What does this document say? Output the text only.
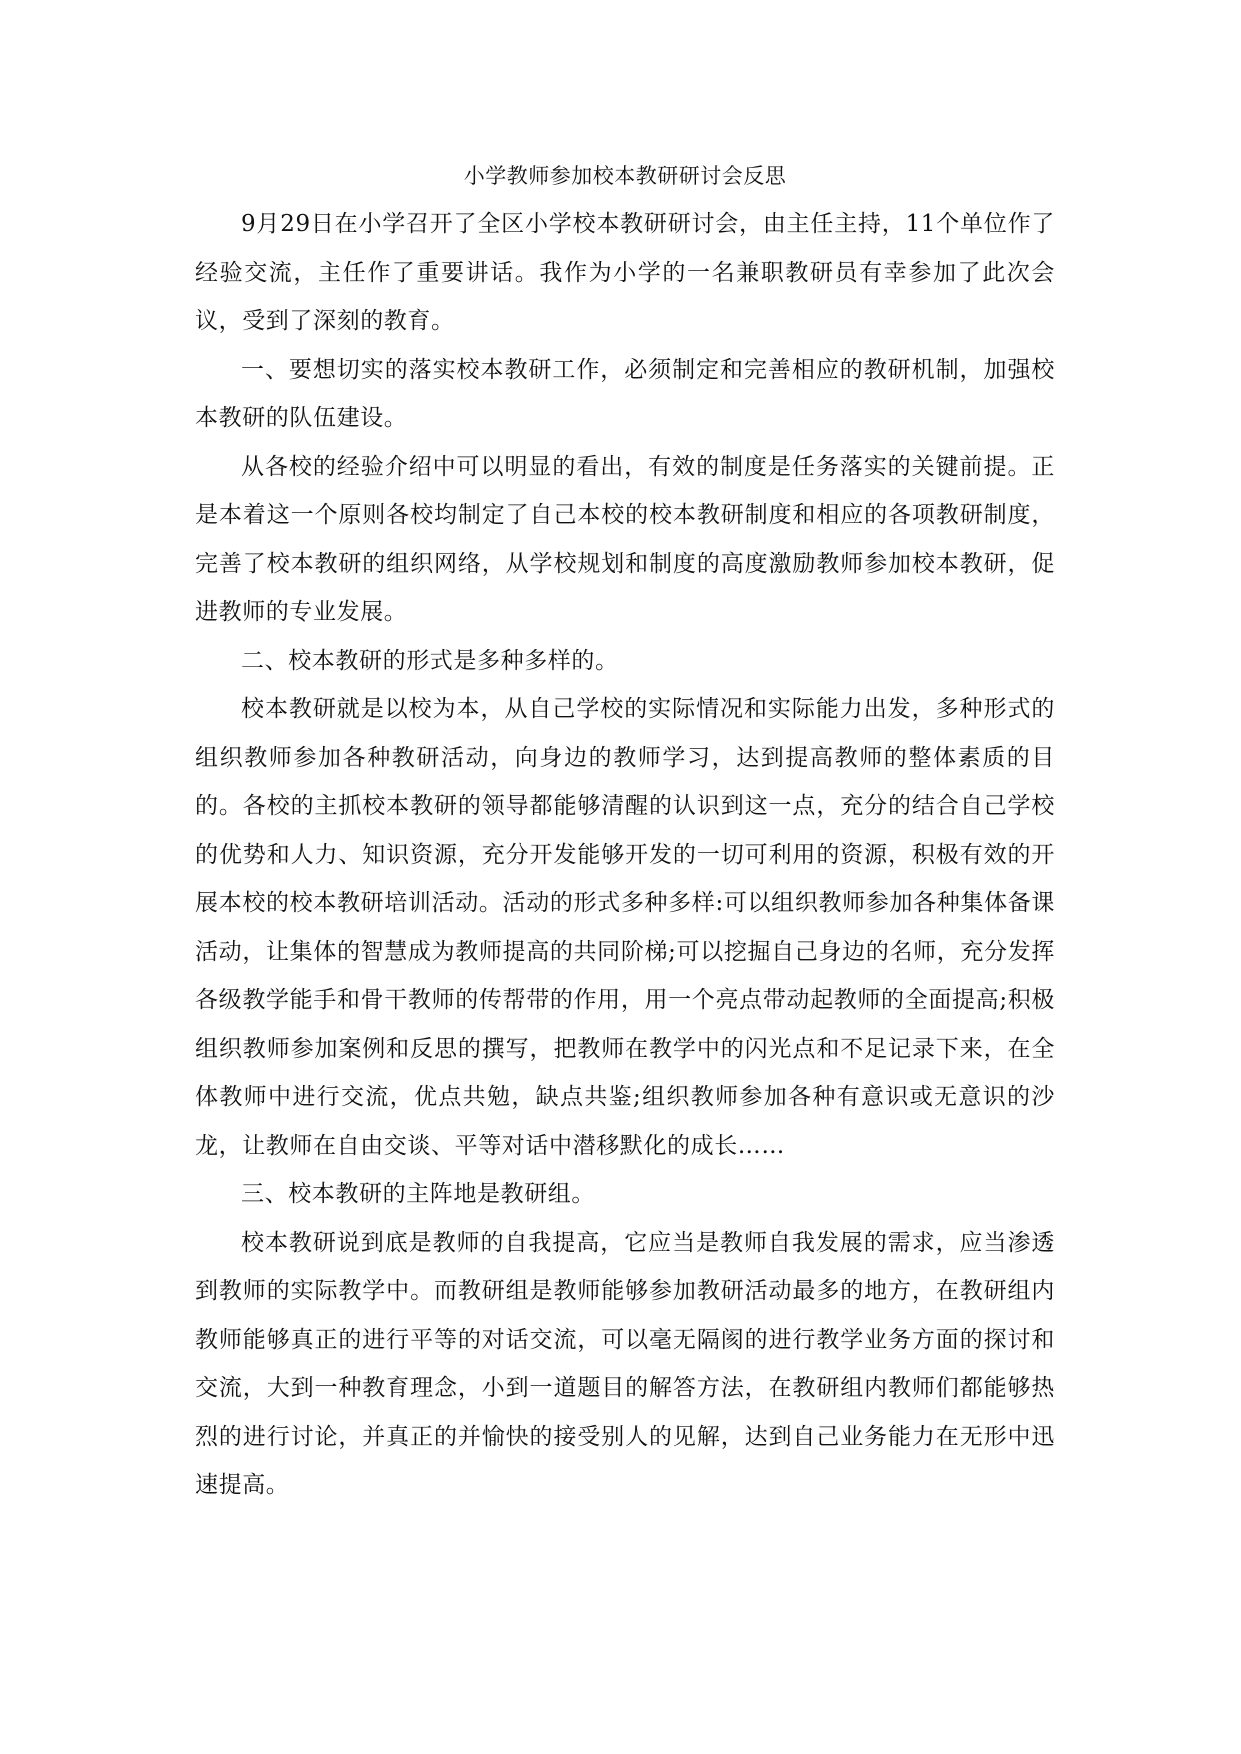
小学教师参加校本教研研讨会反思

9月29日在小学召开了全区小学校本教研研讨会，由主任主持，11个单位作了经验交流，主任作了重要讲话。我作为小学的一名兼职教研员有幸参加了此次会议，受到了深刻的教育。

一、要想切实的落实校本教研工作，必须制定和完善相应的教研机制，加强校本教研的队伍建设。

从各校的经验介绍中可以明显的看出，有效的制度是任务落实的关键前提。正是本着这一个原则各校均制定了自己本校的校本教研制度和相应的各项教研制度，完善了校本教研的组织网络，从学校规划和制度的高度激励教师参加校本教研，促进教师的专业发展。

二、校本教研的形式是多种多样的。

校本教研就是以校为本，从自己学校的实际情况和实际能力出发，多种形式的组织教师参加各种教研活动，向身边的教师学习，达到提高教师的整体素质的目的。各校的主抓校本教研的领导都能够清醒的认识到这一点，充分的结合自己学校的优势和人力、知识资源，充分开发能够开发的一切可利用的资源，积极有效的开展本校的校本教研培训活动。活动的形式多种多样:可以组织教师参加各种集体备课活动，让集体的智慧成为教师提高的共同阶梯;可以挖掘自己身边的名师，充分发挥各级教学能手和骨干教师的传帮带的作用，用一个亮点带动起教师的全面提高;积极组织教师参加案例和反思的撰写，把教师在教学中的闪光点和不足记录下来，在全体教师中进行交流，优点共勉，缺点共鉴;组织教师参加各种有意识或无意识的沙龙，让教师在自由交谈、平等对话中潜移默化的成长……

三、校本教研的主阵地是教研组。

校本教研说到底是教师的自我提高，它应当是教师自我发展的需求，应当渗透到教师的实际教学中。而教研组是教师能够参加教研活动最多的地方，在教研组内教师能够真正的进行平等的对话交流，可以毫无隔阂的进行教学业务方面的探讨和交流，大到一种教育理念，小到一道题目的解答方法，在教研组内教师们都能够热烈的进行讨论，并真正的并愉快的接受别人的见解，达到自己业务能力在无形中迅速提高。
